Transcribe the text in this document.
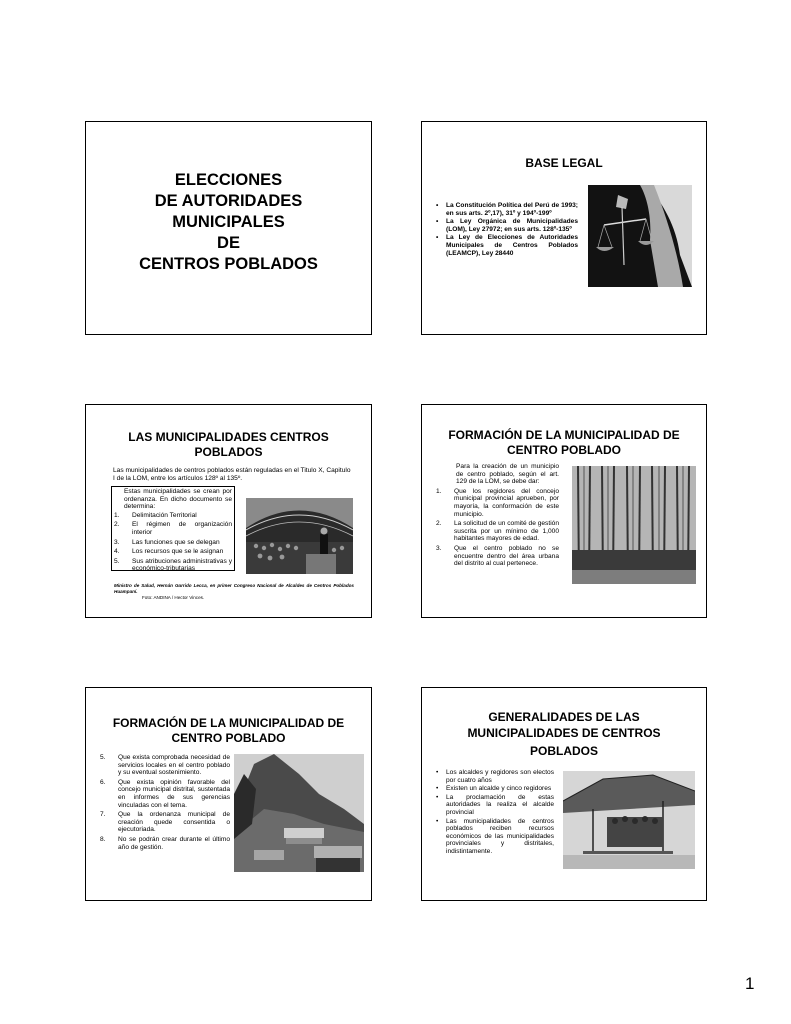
ELECCIONES
DE AUTORIDADES
MUNICIPALES
DE
CENTROS POBLADOS
BASE LEGAL
• La Constitución Política del Perú de 1993; en sus arts. 2º,17), 31º y 194º-199º
• La Ley Orgánica de Municipalidades (LOM), Ley 27972; en sus arts. 128º-135º
• La Ley de Elecciones de Autoridades Municipales de Centros Poblados (LEAMCP), Ley 28440
LAS MUNICIPALIDADES CENTROS
POBLADOS
Las municipalidades de centros poblados están reguladas en el Titulo X, Capitulo I de la LOM, entre los artículos 128º al 135º.
Estas municipalidades se crean por ordenanza. En dicho documento se determina:
1. Delimitación Territorial
2. El régimen de organización interior
3. Las funciones que se delegan
4. Los recursos que se le asignan
5. Sus atribuciones administrativas y económico-tributarias
Ministro de Salud, Hernán Garrido Lecca, en primer Congreso Nacional de Alcaldes de Centros Poblados Huampaní.
Foto: ANDINA / Hector Vinces.
FORMACIÓN DE LA MUNICIPALIDAD DE
CENTRO POBLADO
Para la creación de un municipio de centro poblado, según el art. 129 de la LOM, se debe dar:
1. Que los regidores del concejo municipal provincial aprueben, por mayoría, la conformación de este municipio.
2. La solicitud de un comité de gestión suscrita por un mínimo de 1,000 habitantes mayores de edad.
3. Que el centro poblado no se encuentre dentro del área urbana del distrito al cual pertenece.
FORMACIÓN DE LA MUNICIPALIDAD DE
CENTRO POBLADO
5. Que exista comprobada necesidad de servicios locales en el centro poblado y su eventual sostenimiento.
6. Que exista opinión favorable del concejo municipal distrital, sustentada en informes de sus gerencias vinculadas con el tema.
7. Que la ordenanza municipal de creación quede consentida o ejecutoriada.
8. No se podrán crear durante el último año de gestión.
GENERALIDADES DE LAS
MUNICIPALIDADES DE CENTROS
POBLADOS
• Los alcaldes y regidores son electos por cuatro años
• Existen un alcalde y cinco regidores
• La proclamación de estas autoridades la realiza el alcalde provincial
• Las municipalidades de centros poblados reciben recursos económicos de las municipalidades provinciales y distritales, indistintamente.
1
